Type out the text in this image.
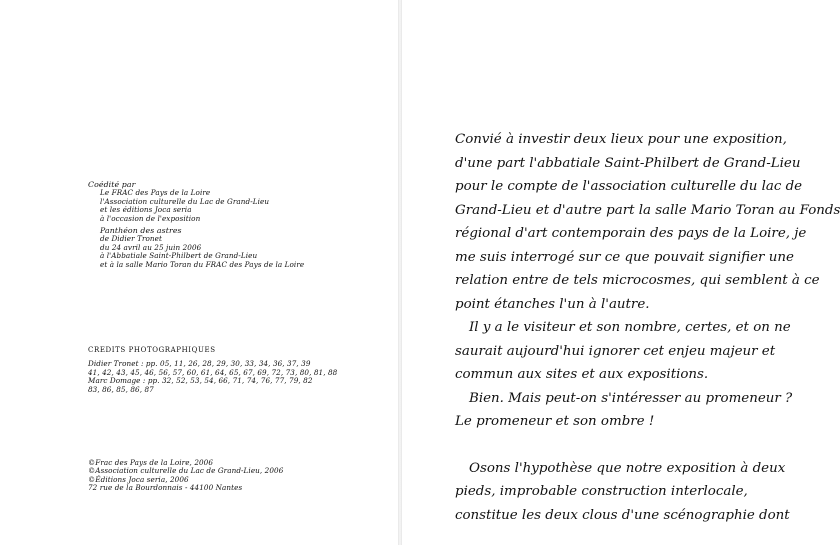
Coédité par
Le FRAC des Pays de la Loire
l'Association culturelle du Lac de Grand-Lieu
et les éditions Joca seria
à l'occasion de l'exposition
Panthéon des astres
de Didier Tronet
du 24 avril au 25 juin 2006
à l'Abbatiale Saint-Philbert de Grand-Lieu
et à la salle Mario Toran du FRAC des Pays de la Loire
CREDITS PHOTOGRAPHIQUES
Didier Tronet : pp. 05, 11, 26, 28, 29, 30, 33, 34, 36, 37, 39
41, 42, 43, 45, 46, 56, 57, 60, 61, 64, 65, 67, 69, 72, 73, 80, 81, 88
Marc Domage : pp. 32, 52, 53, 54, 66, 71, 74, 76, 77, 79, 82
83, 86, 85, 86, 87
©Frac des Pays de la Loire, 2006
©Association culturelle du Lac de Grand-Lieu, 2006
©Éditions Joca seria, 2006
72 rue de la Bourdonnais - 44100 Nantes
Convié à investir deux lieux pour une exposition,
d'une part l'abbatiale Saint-Philbert de Grand-Lieu
pour le compte de l'association culturelle du lac de
Grand-Lieu et d'autre part la salle Mario Toran au Fonds
régional d'art contemporain des pays de la Loire, je
me suis interrogé sur ce que pouvait signifier une
relation entre de tels microcosmes, qui semblent à ce
point étanches l'un à l'autre.
Il y a le visiteur et son nombre, certes, et on ne
saurait aujourd'hui ignorer cet enjeu majeur et
commun aux sites et aux expositions.
Bien. Mais peut-on s'intéresser au promeneur ?
Le promeneur et son ombre !
Osons l'hypothèse que notre exposition à deux
pieds, improbable construction interlocale,
constitue les deux clous d'une scénographie dont
